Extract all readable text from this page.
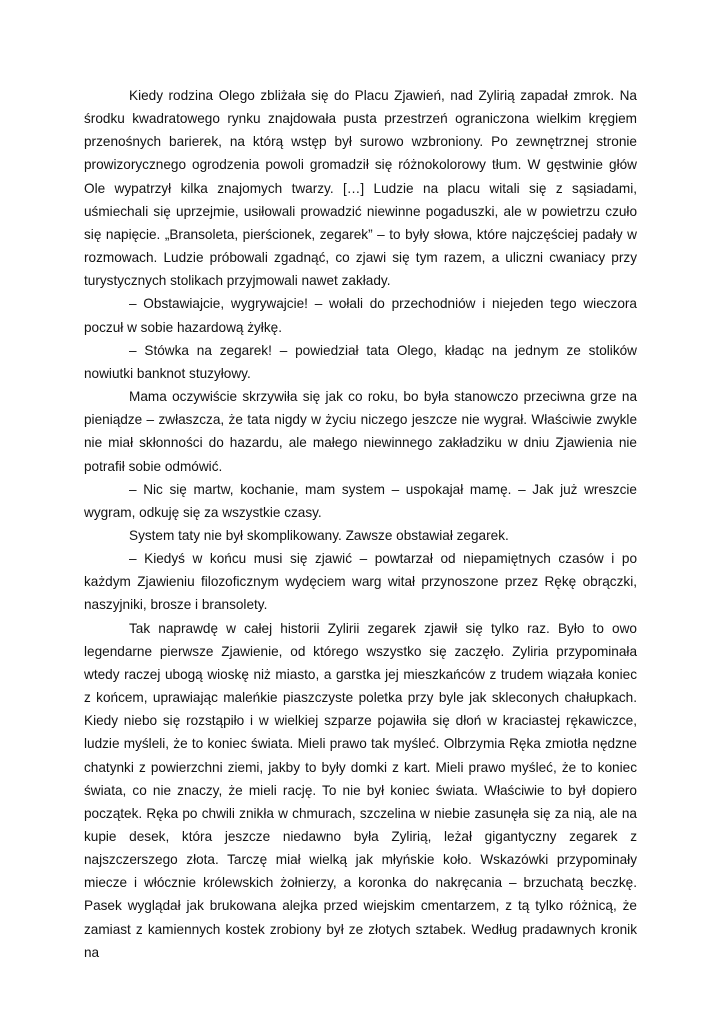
Kiedy rodzina Olego zbliżała się do Placu Zjawień, nad Zylirią zapadał zmrok. Na środku kwadratowego rynku znajdowała pusta przestrzeń ograniczona wielkim kręgiem przenośnych barierek, na którą wstęp był surowo wzbroniony. Po zewnętrznej stronie prowizorycznego ogrodzenia powoli gromadził się różnokolorowy tłum. W gęstwinie głów Ole wypatrzył kilka znajomych twarzy. […] Ludzie na placu witali się z sąsiadami, uśmiechali się uprzejmie, usiłowali prowadzić niewinne pogaduszki, ale w powietrzu czuło się napięcie. „Bransoleta, pierścionek, zegarek” – to były słowa, które najczęściej padały w rozmowach. Ludzie próbowali zgadnąć, co zjawi się tym razem, a uliczni cwaniacy przy turystycznych stolikach przyjmowali nawet zakłady.

– Obstawiajcie, wygrywajcie! – wołali do przechodniów i niejeden tego wieczora poczuł w sobie hazardową żyłkę.

– Stówka na zegarek! – powiedział tata Olego, kładąc na jednym ze stolików nowiutki banknot stuzyłowy.

Mama oczywiście skrzywiła się jak co roku, bo była stanowczo przeciwna grze na pieniądze – zwłaszcza, że tata nigdy w życiu niczego jeszcze nie wygrał. Właściwie zwykle nie miał skłonności do hazardu, ale małego niewinnego zakładziku w dniu Zjawienia nie potrafił sobie odmówić.

– Nic się martw, kochanie, mam system – uspokajał mamę. – Jak już wreszcie wygram, odkuję się za wszystkie czasy.

System taty nie był skomplikowany. Zawsze obstawiał zegarek.

– Kiedyś w końcu musi się zjawić – powtarzał od niepamiętnych czasów i po każdym Zjawieniu filozoficznym wydęciem warg witał przynoszone przez Rękę obrączki, naszyjniki, brosze i bransolety.

Tak naprawdę w całej historii Zylirii zegarek zjawił się tylko raz. Było to owo legendarne pierwsze Zjawienie, od którego wszystko się zaczęło. Zyliria przypominała wtedy raczej ubogą wioskę niż miasto, a garstka jej mieszkańców z trudem wiązała koniec z końcem, uprawiając maleńkie piaszczyste poletka przy byle jak skleconych chałupkach. Kiedy niebo się rozstąpiło i w wielkiej szparze pojawiła się dłoń w kraciastej rękawiczce, ludzie myśleli, że to koniec świata. Mieli prawo tak myśleć. Olbrzymia Ręka zmiotła nędzne chatynki z powierzchni ziemi, jakby to były domki z kart. Mieli prawo myśleć, że to koniec świata, co nie znaczy, że mieli rację. To nie był koniec świata. Właściwie to był dopiero początek. Ręka po chwili znikła w chmurach, szczelina w niebie zasunęła się za nią, ale na kupie desek, która jeszcze niedawno była Zylirią, leżał gigantyczny zegarek z najszczerszego złota. Tarczę miał wielką jak młyńskie koło. Wskazówki przypominały miecze i włócznie królewskich żołnierzy, a koronka do nakręcania – brzuchatą beczkę. Pasek wyglądał jak brukowana alejka przed wiejskim cmentarzem, z tą tylko różnicą, że zamiast z kamiennych kostek zrobiony był ze złotych sztabek. Według pradawnych kronik na
